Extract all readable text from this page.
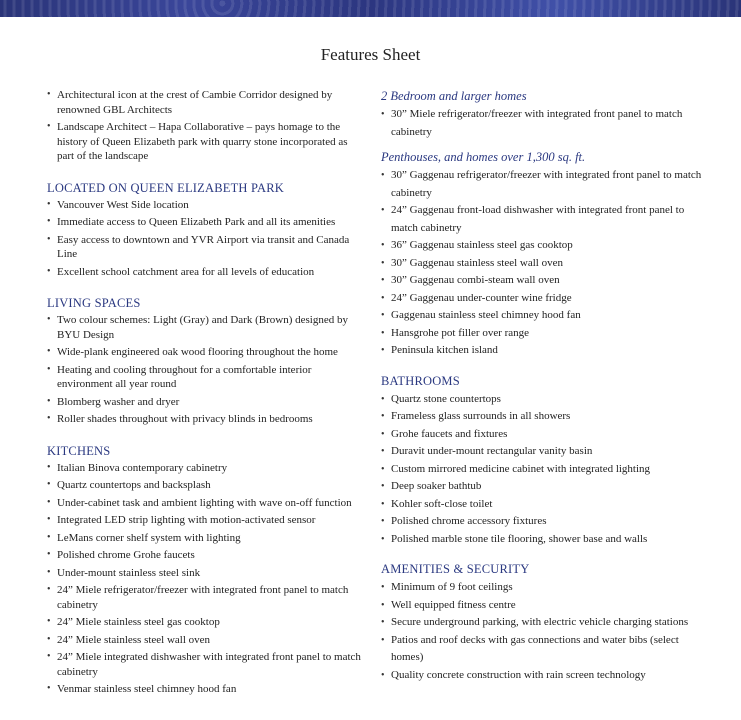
Features Sheet
• Architectural icon at the crest of Cambie Corridor designed by renowned GBL Architects
• Landscape Architect – Hapa Collaborative – pays homage to the history of Queen Elizabeth park with quarry stone incorporated as part of the landscape
LOCATED ON QUEEN ELIZABETH PARK
• Vancouver West Side location
• Immediate access to Queen Elizabeth Park and all its amenities
• Easy access to downtown and YVR Airport via transit and Canada Line
• Excellent school catchment area for all levels of education
LIVING SPACES
• Two colour schemes: Light (Gray) and Dark (Brown) designed by BYU Design
• Wide-plank engineered oak wood flooring throughout the home
• Heating and cooling throughout for a comfortable interior environment all year round
• Blomberg washer and dryer
• Roller shades throughout with privacy blinds in bedrooms
KITCHENS
• Italian Binova contemporary cabinetry
• Quartz countertops and backsplash
• Under-cabinet task and ambient lighting with wave on-off function
• Integrated LED strip lighting with motion-activated sensor
• LeMans corner shelf system with lighting
• Polished chrome Grohe faucets
• Under-mount stainless steel sink
• 24” Miele refrigerator/freezer with integrated front panel to match cabinetry
• 24” Miele stainless steel gas cooktop
• 24” Miele stainless steel wall oven
• 24” Miele integrated dishwasher with integrated front panel to match cabinetry
• Venmar stainless steel chimney hood fan
2 Bedroom and larger homes
• 30” Miele refrigerator/freezer with integrated front panel to match cabinetry
Penthouses, and homes over 1,300 sq. ft.
• 30” Gaggenau refrigerator/freezer with integrated front panel to match cabinetry
• 24” Gaggenau front-load dishwasher with integrated front panel to match cabinetry
• 36” Gaggenau stainless steel gas cooktop
• 30” Gaggenau stainless steel wall oven
• 30” Gaggenau combi-steam wall oven
• 24” Gaggenau under-counter wine fridge
• Gaggenau stainless steel chimney hood fan
• Hansgrohe pot filler over range
• Peninsula kitchen island
BATHROOMS
• Quartz stone countertops
• Frameless glass surrounds in all showers
• Grohe faucets and fixtures
• Duravit under-mount rectangular vanity basin
• Custom mirrored medicine cabinet with integrated lighting
• Deep soaker bathtub
• Kohler soft-close toilet
• Polished chrome accessory fixtures
• Polished marble stone tile flooring, shower base and walls
AMENITIES & SECURITY
• Minimum of 9 foot ceilings
• Well equipped fitness centre
• Secure underground parking, with electric vehicle charging stations
• Patios and roof decks with gas connections and water bibs (select homes)
• Quality concrete construction with rain screen technology
